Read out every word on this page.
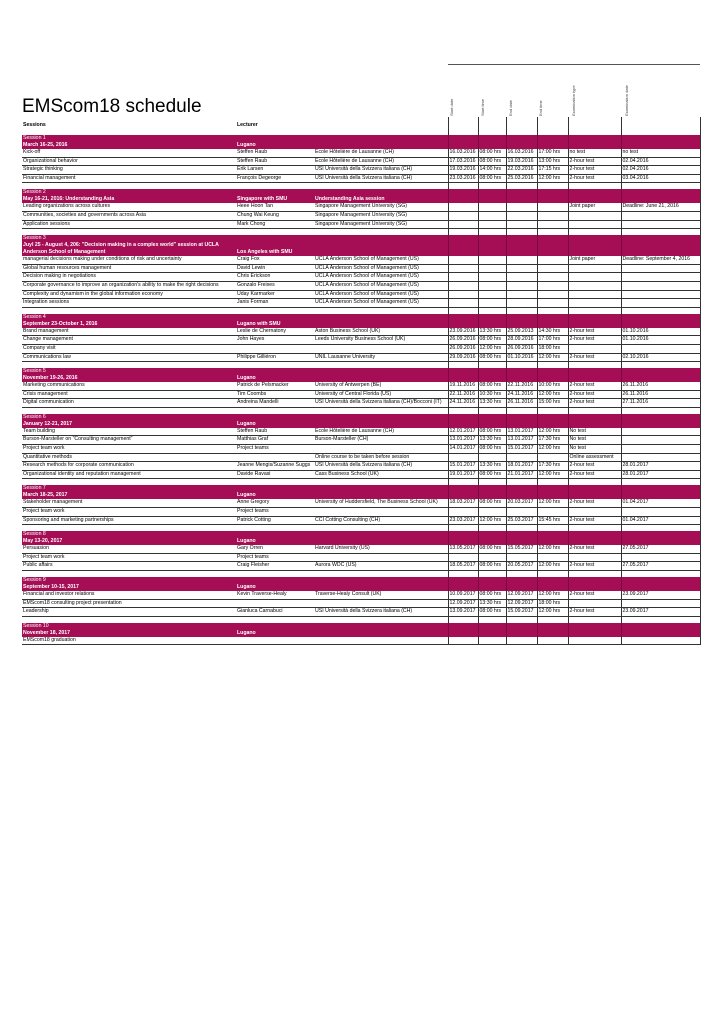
EMScom18 schedule	Start date	Start time	End date	End time	Examination type	Examination date
Sessions	Lecturer							

Session 1								
March 16-25, 2016	Lugano							
Kick-off	Steffen Raub	Ecole Hôtelière de Lausanne (CH)	16.03.2016	08:00 hrs	16.03.2016	17:00 hrs	no test	no test
Organizational behavior	Steffen Raub	Ecole Hôtelière de Lausanne (CH)	17.03.2016	08:00 hrs	19.03.2016	13:00 hrs	2-hour test	02.04.2016
Strategic thinking	Erik Larsen	USI Università della Svizzera italiana (CH)	19.03.2016	14:00 hrs	22.03.2016	17:15 hrs	2-hour test	02.04.2016
Financial management	François Degeorge	USI Università della Svizzera italiana (CH)	23.03.2016	08:00 hrs	25.03.2016	12:00 hrs	2-hour test	03.04.2016

Session 2								
May 16-21, 2016: Understanding Asia	Singapore with SMU	Understanding Asia session						
Leading organizations across cultures	Heee Hoon Tan	Singapore Management University (SG)					Joint paper	Deadline: June 21, 2016
Communities, societies and governments across Asia	Chung Wai Keung	Singapore Management University (SG)						
Application sessions	Mark Chong	Singapore Management University (SG)						

Session 3								
Juyl 25 - August 4, 206: "Decision making in a complex world" session at UCLA								
Anderson School of Management	Los Angeles with SMU							
managerial decisions making under conditions of risk and uncertainty	Craig Fox	UCLA Anderson School of Management (US)					Joint paper	Deadline: September 4, 2016
Global human resources management	David Lewin	UCLA Anderson School of Management (US)						
Decision making in negotiations	Chris Erickson	UCLA Anderson School of Management (US)						
Corporate governance to improve an organization's ability to make the right decisions	Gonzalo Freixes	UCLA Anderson School of Management (US)						
Complexity and dynamism in the global information economy	Uday Karmarker	UCLA Anderson School of Management (US)						
Integration sessions	Janis Forman	UCLA Anderson School of Management (US)						

Session 4								
September 23-October 1, 2016	Lugano with SMU							
Brand management	Leslie de Chernatony	Aston Business School (UK)	23.09.2016	13:30 hrs	25.09.2013	14:30 hrs	2-hour test	01.10.2016
Change management	John Hayes	Leeds University Business School (UK)	26.09.2016	08:00 hrs	28.09.2016	17:00 hrs	2-hour test	01.10.2016
Company visit			26.09.2016	12:00 hrs	26.09.2016	18:00 hrs		
Communications law	Philippe Gilliéron	UNIL Lausanne University	29.09.2016	08:00 hrs	01.10.2016	12:00 hrs	2-hour test	02.10.2016

Session 5								
November 19-26, 2016	Lugano							
Marketing communications	Patrick de Pelsmacker	University of Antwerpen (BE)	19.11.2016	08:00 hrs	22.11.2016	10:00 hrs	2-hour test	26.11.2016
Crisis management	Tim Coombs	University of Central Florida (US)	22.11.2016	10:30 hrs	24.11.2016	12:00 hrs	2-hour test	26.11.2016
Digital communication	Andreina Mandelli	USI Università della Svizzera italiana (CH)/Bocconi (IT)	24.11.2016	13:30 hrs	26.11.2016	15:00 hrs	2-hour test	27.11.2016

Session 6								
January 12-21, 2017	Lugano							
Team building	Steffen Raub	Ecole Hôtelière de Lausanne (CH)	12.01.2017	08:00 hrs	13.01.2017	12:00 hrs	No test	
Burson-Marsteller on "Consulting management"	Matthias Graf	Burson-Marsteller (CH)	13.01.2017	13:30 hrs	13.01.2017	17:30 hrs	No test	
Project team work	Project teams		14.01.2017	08:00 hrs	15.01.2017	12:00 hrs	No test	
Quantitative methods		Online course to be taken before session					Online assessment	
Research methods for corporate communication	Jeanne Mengis/Suzanne Suggs	USI Università della Svizzera italiana (CH)	15.01.2017	13:30 hrs	18.01.2017	17:30 hrs	2-hour test	28.01.2017
Organizational identity and reputation management	Davide Ravasi	Cass Business School (UK)	19.01.2017	08:00 hrs	21.01.2017	12:00 hrs	2-hour test	28.01.2017

Session 7								
March 18-25, 2017	Lugano							
Stakeholder management	Anne Gregory	University of Huddersfield, The Business School (UK)	18.03.2017	08:00 hrs	20.03.2017	12:00 hrs	2-hour test	01.04.2017
Project team work	Project teams							
Sponsoring and marketing partnerships	Patrick Cotting	CCI Cotting Consulting (CH)	23.03.2017	12:00 hrs	25.03.2017	15:45 hrs	2-hour test	01.04.2017

Session 8								
May 13-20, 2017	Lugano							
Persuasion	Gary Orren	Harvard University (US)	13.05.2017	08:00 hrs	15.05.2017	12:00 hrs	2-hour test	27.05.2017
Project team work	Project teams							
Public affairs	Craig Fleisher	Aurora WDC (US)	18.05.2017	08:00 hrs	20.05.2017	12:00 hrs	2-hour test	27.05.2017

Session 9								
September 10-15, 2017	Lugano							
Financial and investor relations	Kevin Traverse-Healy	Traverse-Healy Consult (UK)	10.09.2017	08:00 hrs	12.09.2017	12:00 hrs	2-hour test	23.09.2017
EMScom18 consulting project presentation			12.09.2017	13:30 hrs	12.09.2017	18:00 hrs		
Leadership	Gianluca Carnabuci	USI Università della Svizzera italiana (CH)	13.09.2017	08:00 hrs	15.09.2017	12:00 hrs	2-hour test	23.09.2017

Session 10								
November 18, 2017	Lugano							
EMScom18 graduation								
